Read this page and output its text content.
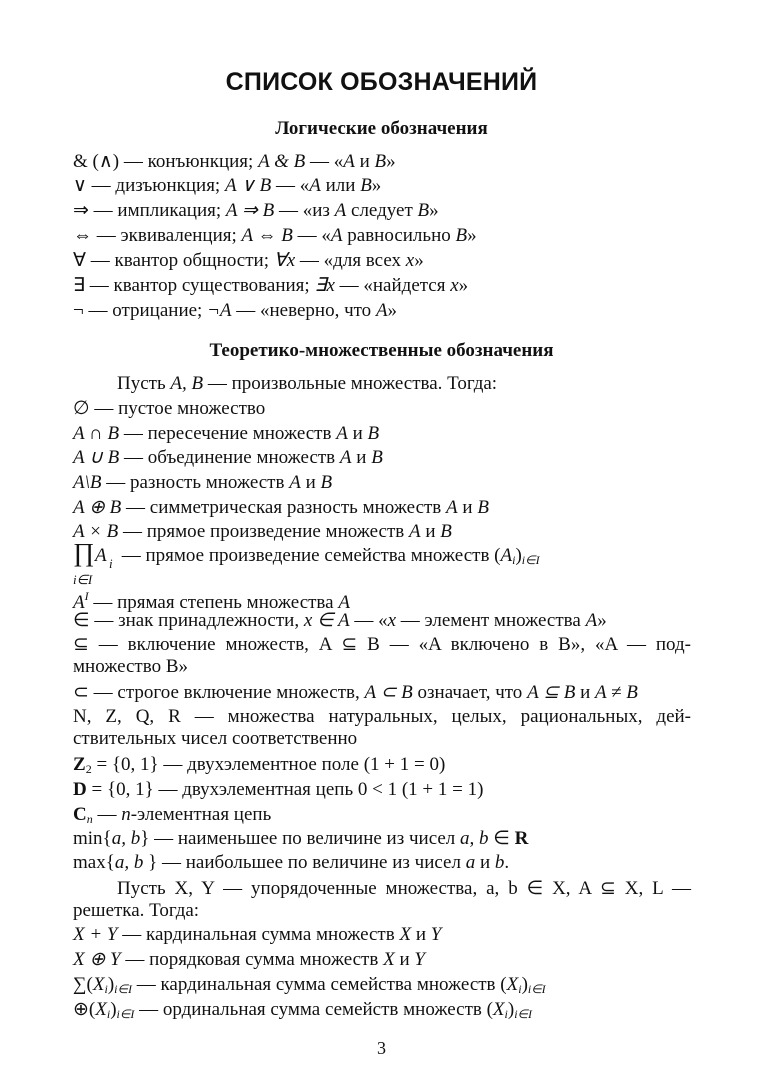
СПИСОК ОБОЗНАЧЕНИЙ
Логические обозначения
& (∧) — конъюнкция; A & B — «A и B»
∨ — дизъюнкция; A ∨ B — «A или B»
⇒ — импликация; A ⇒ B — «из A следует B»
⇔ — эквиваленция; A ⇔ B — «A равносильно B»
∀ — квантор общности; ∀x — «для всех x»
∃ — квантор существования; ∃x — «найдется x»
¬ — отрицание; ¬A — «неверно, что A»
Теоретико-множественные обозначения
Пусть A, B — произвольные множества. Тогда:
∅ — пустое множество
A ∩ B — пересечение множеств A и B
A ∪ B — объединение множеств A и B
A\B — разность множеств A и B
A ⊕ B — симметрическая разность множеств A и B
A × B — прямое произведение множеств A и B
∏ A i
i∈I
— прямое произведение семейства множеств $(A_i)_{i\in I}$
$A^I$ — прямая степень множества A
∈ — знак принадлежности, x ∈ A — «x — элемент множества A»
⊆ — включение множеств, A ⊆ B — «A включено в B», «A — под-
множество B»
⊂ — строгое включение множеств, A ⊂ B означает, что A ⊆ B и A ≠ B
N, Z, Q, R — множества натуральных, целых, рациональных, дей-
ствительных чисел соответственно
$Z_2 = \{0$, 1} — двухэлементное поле (1 + 1 = 0)
D = {0, 1} — двухэлементная цепь 0 < 1 (1 + 1 = 1)
$C_n$ — n-элементная цепь
min{a, b} — наименьшее по величине из чисел a, b ∈ R
max{a, b } — наибольшее по величине из чисел a и b.
Пусть X, Y — упорядоченные множества, a, b ∈ X, A ⊆ X, L —
решетка. Тогда:
X + Y — кардинальная сумма множеств X и Y
X ⊕ Y — порядковая сумма множеств X и Y
$\sum(X_i)_{i\in I}$ — кардинальная сумма семейства множеств $(X_i)_{i\in I}$
$\oplus(X_i)_{i\in I}$ — ординальная сумма семейств множеств $(X_i)_{i\in I}$
3
